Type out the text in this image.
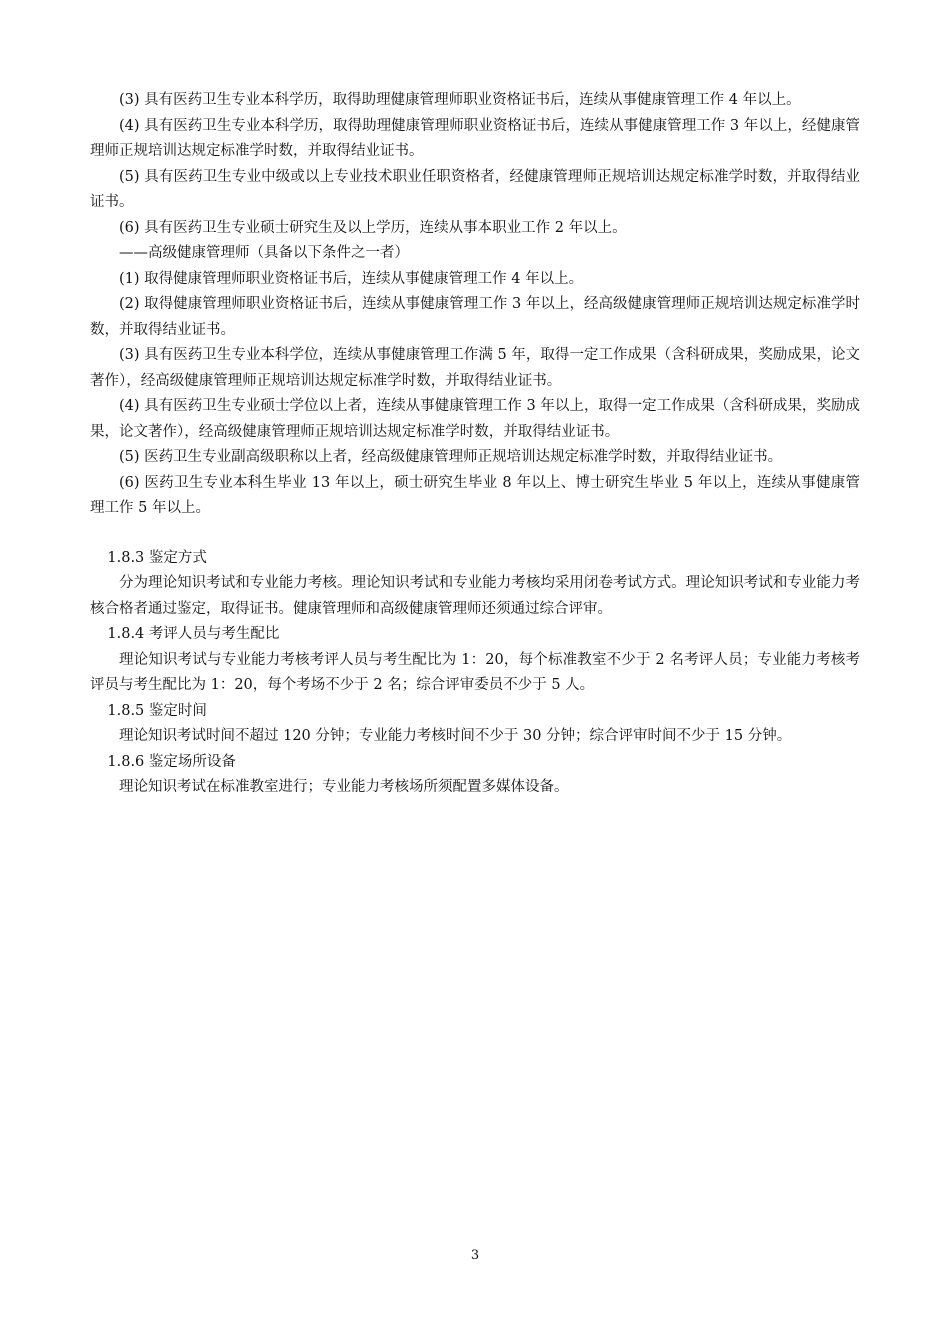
(3) 具有医药卫生专业本科学历，取得助理健康管理师职业资格证书后，连续从事健康管理工作 4 年以上。

(4) 具有医药卫生专业本科学历，取得助理健康管理师职业资格证书后，连续从事健康管理工作 3 年以上，经健康管理师正规培训达规定标准学时数，并取得结业证书。

(5) 具有医药卫生专业中级或以上专业技术职业任职资格者，经健康管理师正规培训达规定标准学时数，并取得结业证书。

(6) 具有医药卫生专业硕士研究生及以上学历，连续从事本职业工作 2 年以上。

——高级健康管理师（具备以下条件之一者）

(1) 取得健康管理师职业资格证书后，连续从事健康管理工作 4 年以上。

(2) 取得健康管理师职业资格证书后，连续从事健康管理工作 3 年以上，经高级健康管理师正规培训达规定标准学时数，并取得结业证书。

(3) 具有医药卫生专业本科学位，连续从事健康管理工作满 5 年，取得一定工作成果（含科研成果，奖励成果，论文著作），经高级健康管理师正规培训达规定标准学时数，并取得结业证书。

(4) 具有医药卫生专业硕士学位以上者，连续从事健康管理工作 3 年以上，取得一定工作成果（含科研成果，奖励成果，论文著作），经高级健康管理师正规培训达规定标准学时数，并取得结业证书。

(5) 医药卫生专业副高级职称以上者，经高级健康管理师正规培训达规定标准学时数，并取得结业证书。

(6) 医药卫生专业本科生毕业 13 年以上，硕士研究生毕业 8 年以上、博士研究生毕业 5 年以上，连续从事健康管理工作 5 年以上。

1.8.3 鉴定方式

分为理论知识考试和专业能力考核。理论知识考试和专业能力考核均采用闭卷考试方式。理论知识考试和专业能力考核合格者通过鉴定，取得证书。健康管理师和高级健康管理师还须通过综合评审。

1.8.4 考评人员与考生配比

理论知识考试与专业能力考核考评人员与考生配比为 1：20，每个标准教室不少于 2 名考评人员；专业能力考核考评员与考生配比为 1：20，每个考场不少于 2 名；综合评审委员不少于 5 人。

1.8.5 鉴定时间

理论知识考试时间不超过 120 分钟；专业能力考核时间不少于 30 分钟；综合评审时间不少于 15 分钟。

1.8.6 鉴定场所设备

理论知识考试在标准教室进行；专业能力考核场所须配置多媒体设备。

3
